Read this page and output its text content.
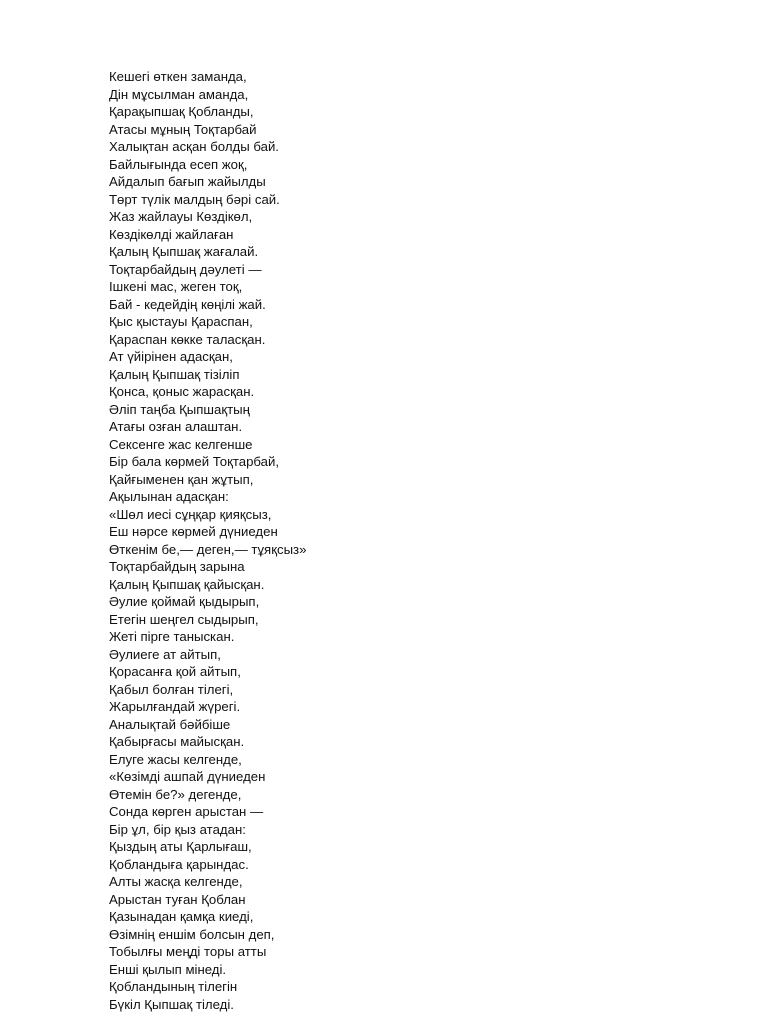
Кешегі өткен заманда,
Дін мұсылман аманда,
Қарақыпшақ Қобланды,
Атасы мұның Тоқтарбай
Халықтан асқан болды бай.
Байлығында есеп жоқ,
Айдалып бағып жайылды
Төрт түлік малдың бәрі сай.
Жаз жайлауы Көздікөл,
Көздікөлді жайлаған
Қалың Қыпшақ жағалай.
Тоқтарбайдың дәулеті —
Ішкені мас, жеген тоқ,
Бай - кедейдің көңілі жай.
Қыс қыстауы Қараспан,
Қараспан көкке таласқан.
Ат үйірінен адасқан,
Қалың Қыпшақ тізіліп
Қонса, қоныс жарасқан.
Әліп таңба Қыпшақтың
Атағы озған алаштан.
Сексенге жас келгенше
Бір бала көрмей Тоқтарбай,
Қайғыменен қан жұтып,
Ақылынан адасқан:
«Шөл иесі сұңқар қияқсыз,
Еш нәрсе көрмей дүниеден
Өткенім бе,— деген,— тұяқсыз»
Тоқтарбайдың зарына
Қалың Қыпшақ қайысқан.
Әулие қоймай қыдырып,
Етегін шеңгел сыдырып,
Жеті пірге таныскан.
Әулиеге ат айтып,
Қорасанға қой айтып,
Қабыл болған тілегі,
Жарылғандай жүрегі.
Аналықтай бәйбіше
Қабырғасы майысқан.
Елуге жасы келгенде,
«Көзімді ашпай дүниеден
Өтемін бе?» дегенде,
Сонда көрген арыстан —
Бір ұл, бір қыз атадан:
Қыздың аты Қарлығаш,
Қобландыға қарындас.
Алты жасқа келгенде,
Арыстан туған Қоблан
Қазынадан қамқа киеді,
Өзімнің еншім болсын деп,
Тобылғы меңді торы атты
Енші қылып мінеді.
Қобландының тілегін
Бүкіл Қыпшақ тіледі.
